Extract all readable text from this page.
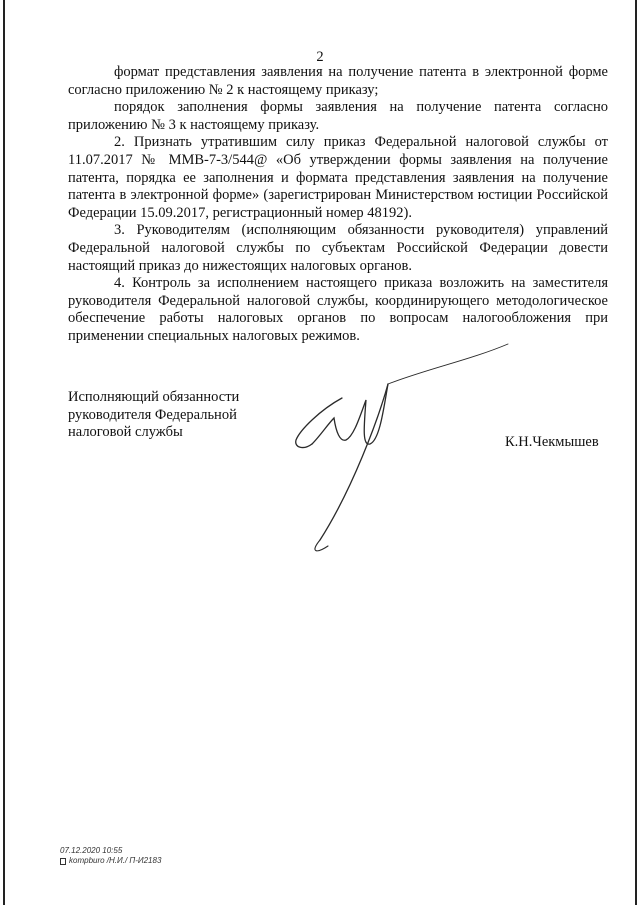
2

формат представления заявления на получение патента в электронной форме согласно приложению № 2 к настоящему приказу;

порядок заполнения формы заявления на получение патента согласно приложению № 3 к настоящему приказу.

2. Признать утратившим силу приказ Федеральной налоговой службы от 11.07.2017 № ММВ-7-3/544@ «Об утверждении формы заявления на получение патента, порядка ее заполнения и формата представления заявления на получение патента в электронной форме» (зарегистрирован Министерством юстиции Российской Федерации 15.09.2017, регистрационный номер 48192).

3. Руководителям (исполняющим обязанности руководителя) управлений Федеральной налоговой службы по субъектам Российской Федерации довести настоящий приказ до нижестоящих налоговых органов.

4. Контроль за исполнением настоящего приказа возложить на заместителя руководителя Федеральной налоговой службы, координирующего методологическое обеспечение работы налоговых органов по вопросам налогообложения при применении специальных налоговых режимов.

Исполняющий обязанности
руководителя Федеральной
налоговой службы
К.Н.Чекмышев
07.12.2020 10:55
kompburo /Н.И./ П-И2183
